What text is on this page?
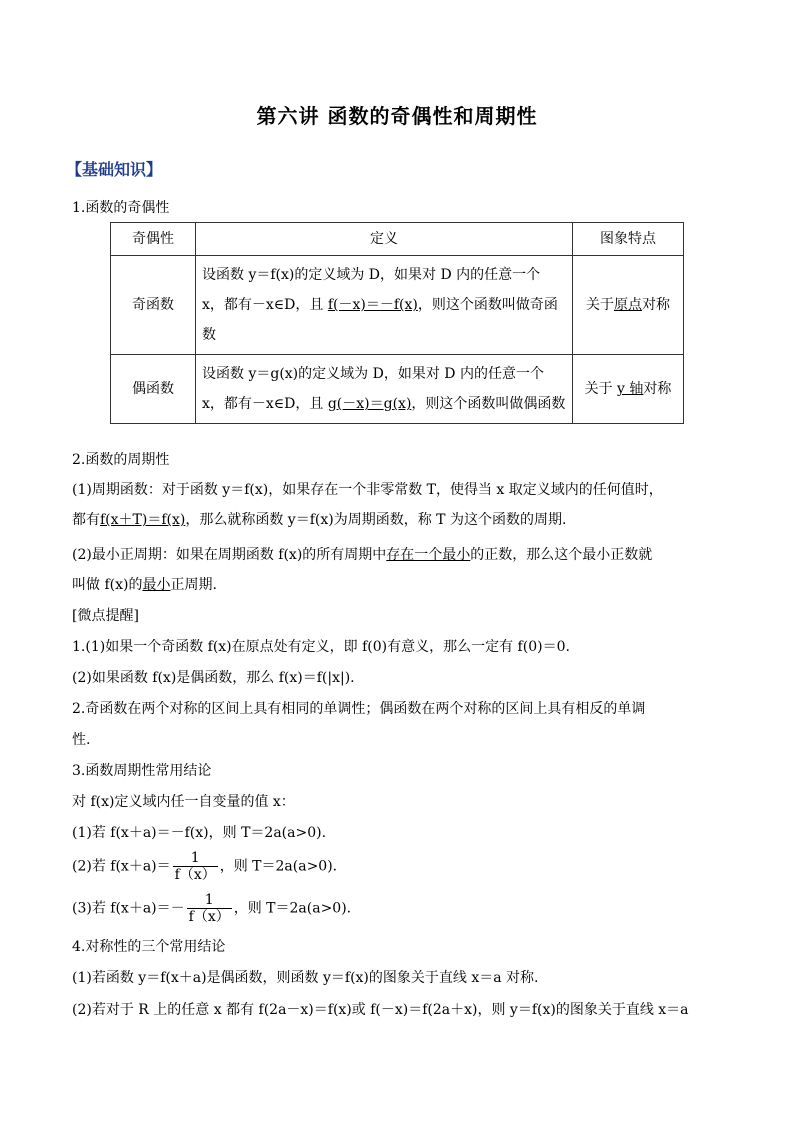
第六讲 函数的奇偶性和周期性
【基础知识】
1.函数的奇偶性
奇偶性	定义	图象特点
奇函数	设函数 y＝f(x)的定义域为 D，如果对 D 内的任意一个 x，都有－x∈D，且 f(－x)＝－f(x)，则这个函数叫做奇函数	关于原点对称
偶函数	设函数 y＝g(x)的定义域为 D，如果对 D 内的任意一个 x，都有－x∈D，且 g(－x)＝g(x)，则这个函数叫做偶函数	关于 y 轴对称
2.函数的周期性
(1)周期函数：对于函数 y＝f(x)，如果存在一个非零常数 T，使得当 x 取定义域内的任何值时，
都有f(x＋T)＝f(x)，那么就称函数 y＝f(x)为周期函数，称 T 为这个函数的周期.
(2)最小正周期：如果在周期函数 f(x)的所有周期中存在一个最小的正数，那么这个最小正数就
叫做 f(x)的最小正周期.
[微点提醒]
1.(1)如果一个奇函数 f(x)在原点处有定义，即 f(0)有意义，那么一定有 f(0)＝0.
(2)如果函数 f(x)是偶函数，那么 f(x)＝f(|x|).
2.奇函数在两个对称的区间上具有相同的单调性；偶函数在两个对称的区间上具有相反的单调
性.
3.函数周期性常用结论
对 f(x)定义域内任一自变量的值 x：
(1)若 f(x＋a)＝－f(x)，则 T＝2a(a>0).
(2)若 $f(x+a)= \frac{1}{f(x)}$ ，则 T＝2a(a>0).
(3)若 $f(x+a)=- \frac{1}{f(x)}$ ，则 T＝2a(a>0).
4.对称性的三个常用结论
(1)若函数 y＝f(x＋a)是偶函数，则函数 y＝f(x)的图象关于直线 x＝a 对称.
(2)若对于 R 上的任意 x 都有 f(2a－x)＝f(x)或 f(－x)＝f(2a＋x)，则 y＝f(x)的图象关于直线 x＝a
